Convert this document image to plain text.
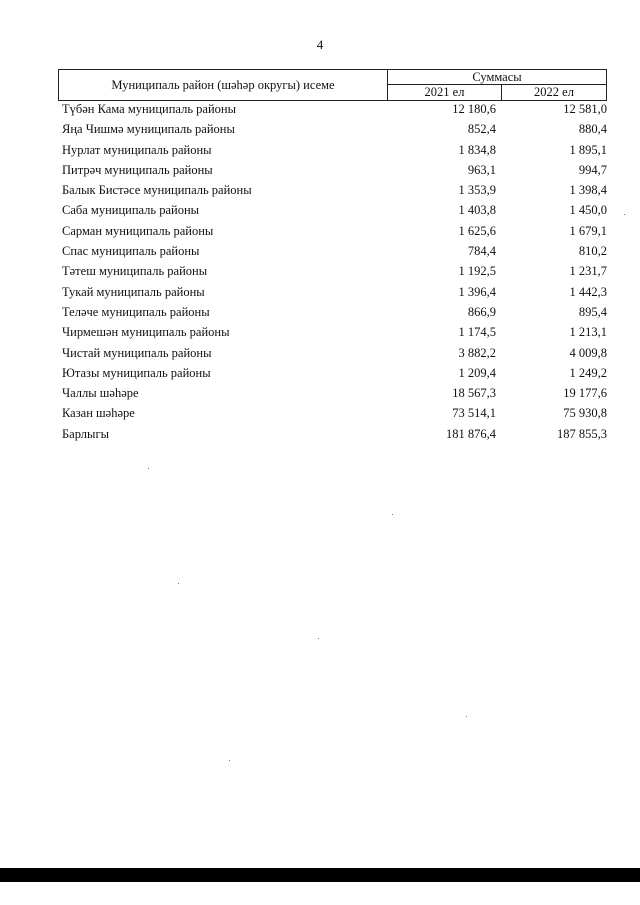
4
Муниципаль район (шәһәр округы) исеме
Суммасы
2021 ел	2022 ел
Түбән Кама муниципаль районы	12 180,6	12 581,0
Яңа Чишмә муниципаль районы	852,4	880,4
Нурлат муниципаль районы	1 834,8	1 895,1
Питрәч муниципаль районы	963,1	994,7
Балык Бистәсе муниципаль районы	1 353,9	1 398,4
Саба муниципаль районы	1 403,8	1 450,0
Сарман муниципаль районы	1 625,6	1 679,1
Спас муниципаль районы	784,4	810,2
Тәтеш муниципаль районы	1 192,5	1 231,7
Тукай муниципаль районы	1 396,4	1 442,3
Теләче муниципаль районы	866,9	895,4
Чирмешән муниципаль районы	1 174,5	1 213,1
Чистай муниципаль районы	3 882,2	4 009,8
Ютазы муниципаль районы	1 209,4	1 249,2
Чаллы шәһәре	18 567,3	19 177,6
Казан шәһәре	73 514,1	75 930,8
Барлыгы	181 876,4	187 855,3
